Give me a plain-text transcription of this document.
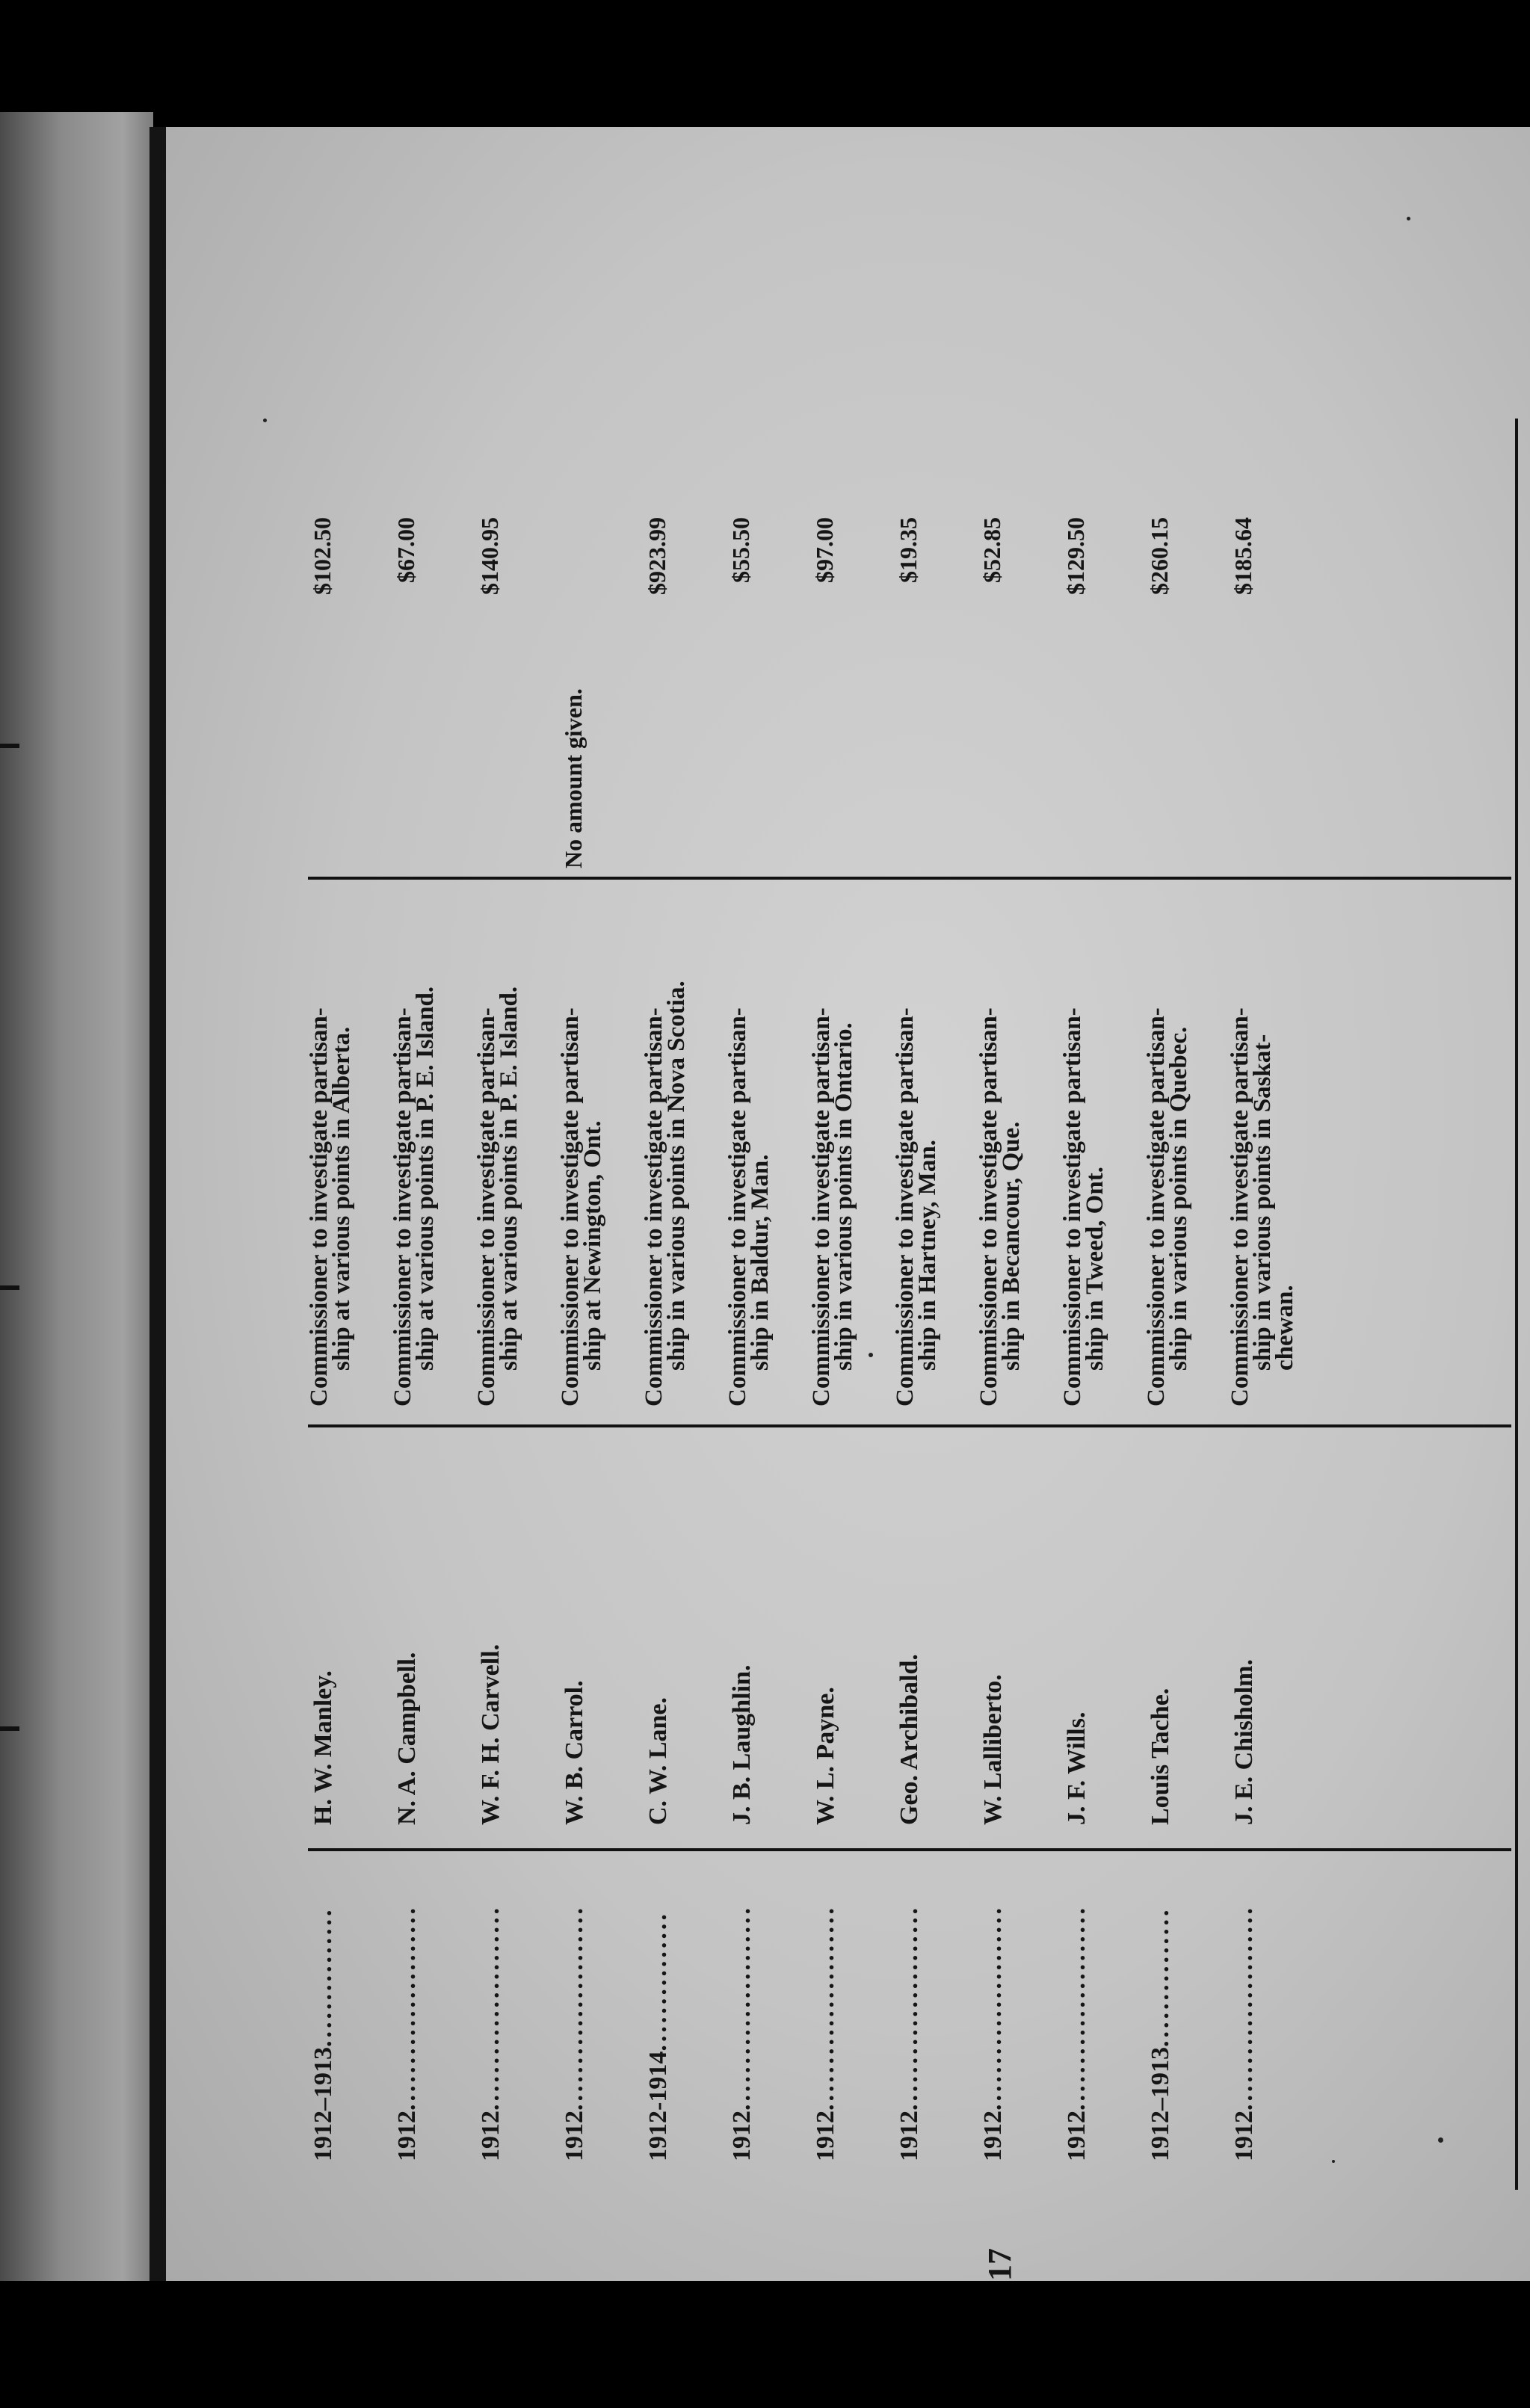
17
1912–1913...............
H. W. Manley.
Commissioner to investigate partisan-
ship at various points in Alberta.
$102.50
1912......................
N. A. Campbell.
Commissioner to investigate partisan-
ship at various points in P. E. Island.
$67.00
1912......................
W. F. H. Carvell.
Commissioner to investigate partisan-
ship at various points in P. E. Island.
$140.95
1912......................
W. B. Carrol.
Commissioner to investigate partisan-
ship at Newington, Ont.
No amount given.
1912-1914...............
C. W. Lane.
Commissioner to investigate partisan-
ship in various points in Nova Scotia.
$923.99
1912......................
J. B. Laughlin.
Commissioner to investigate partisan-
ship in Baldur, Man.
$55.50
1912......................
W. L. Payne.
Commissioner to investigate partisan-
ship in various points in Ontario.
$97.00
1912......................
Geo. Archibald.
Commissioner to investigate partisan-
ship in Hartney, Man.
$19.35
1912......................
W. Lalliberto.
Commissioner to investigate partisan-
ship in Becancour, Que.
$52.85
1912......................
J. F. Wills.
Commissioner to investigate partisan-
ship in Tweed, Ont.
$129.50
1912–1913...............
Louis Tache.
Commissioner to investigate partisan-
ship in various points in Quebec.
$260.15
1912......................
J. E. Chisholm.
Commissioner to investigate partisan-
ship in various points in Saskat-
chewan.
$185.64
